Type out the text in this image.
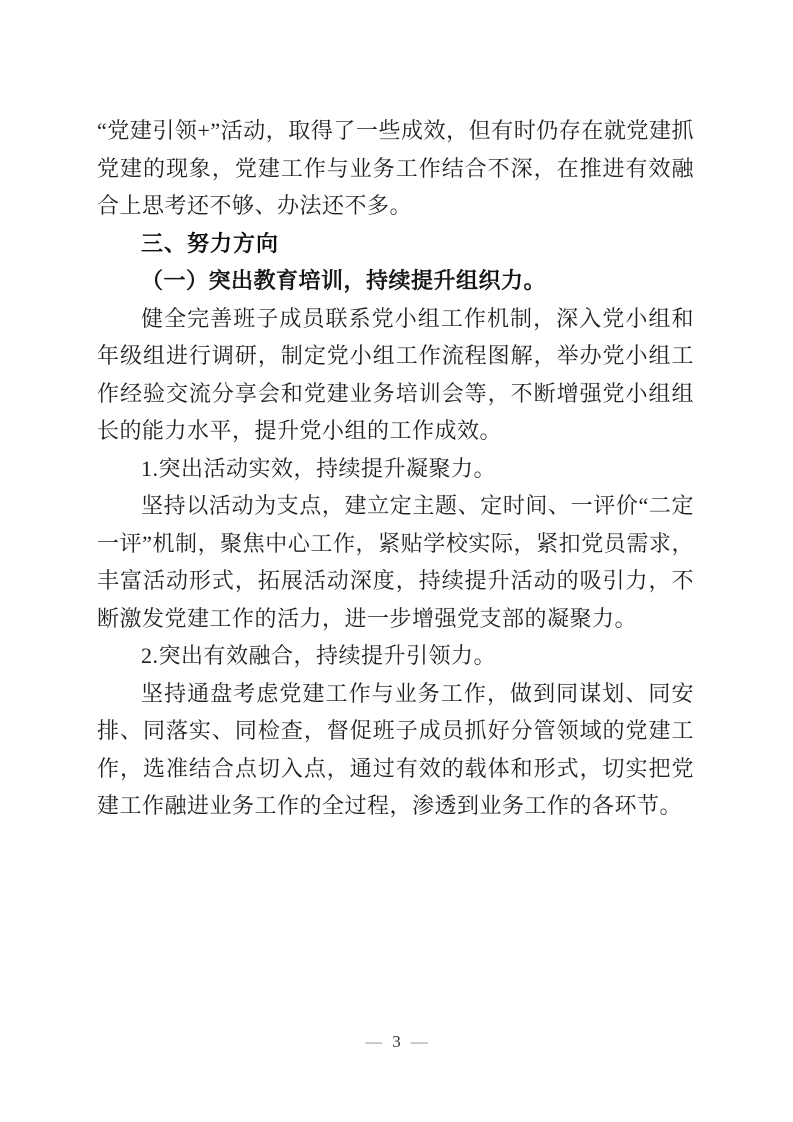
“党建引领+”活动，取得了一些成效，但有时仍存在就党建抓党建的现象，党建工作与业务工作结合不深，在推进有效融合上思考还不够、办法还不多。

三、努力方向
（一）突出教育培训，持续提升组织力。

健全完善班子成员联系党小组工作机制，深入党小组和年级组进行调研，制定党小组工作流程图解，举办党小组工作经验交流分享会和党建业务培训会等，不断增强党小组组长的能力水平，提升党小组的工作成效。

1.突出活动实效，持续提升凝聚力。

坚持以活动为支点，建立定主题、定时间、一评价“二定一评”机制，聚焦中心工作，紧贴学校实际，紧扣党员需求，丰富活动形式，拓展活动深度，持续提升活动的吸引力，不断激发党建工作的活力，进一步增强党支部的凝聚力。

2.突出有效融合，持续提升引领力。

坚持通盘考虑党建工作与业务工作，做到同谋划、同安排、同落实、同检查，督促班子成员抓好分管领域的党建工作，选准结合点切入点，通过有效的载体和形式，切实把党建工作融进业务工作的全过程，渗透到业务工作的各环节。

— 3 —
